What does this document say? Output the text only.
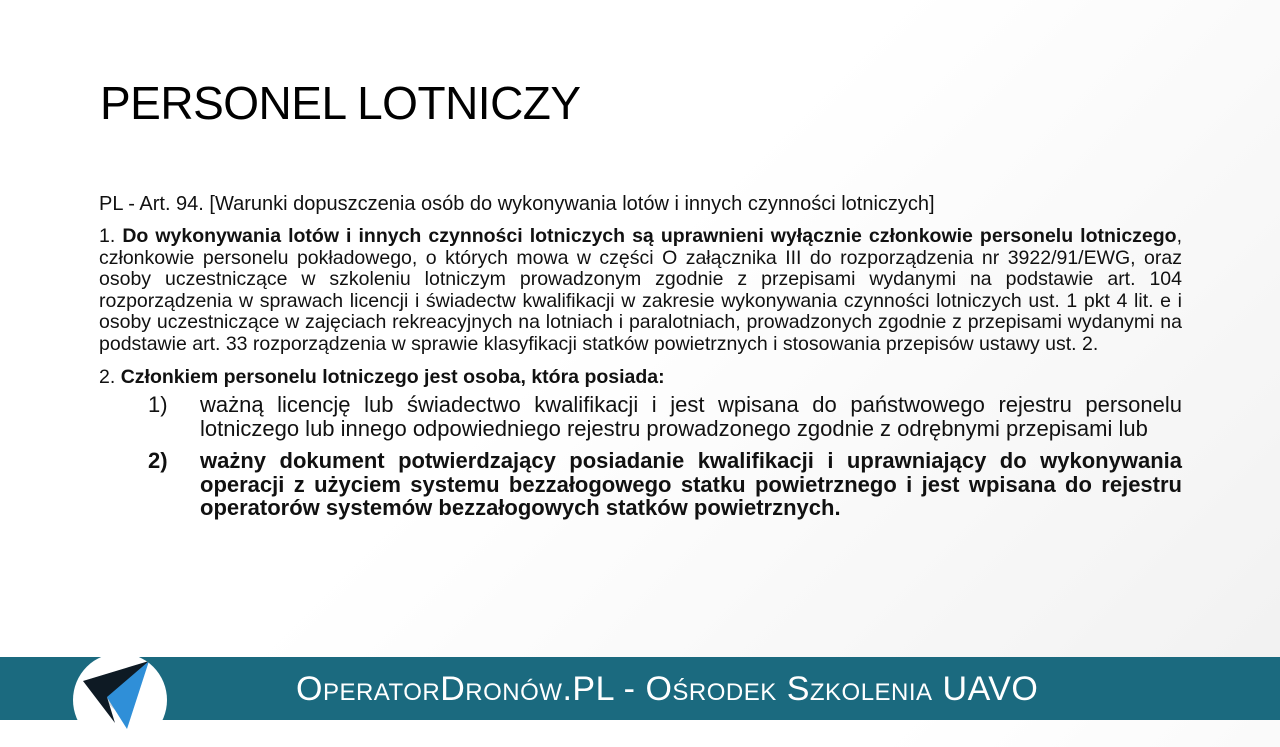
PERSONEL LOTNICZY

PL - Art. 94. [Warunki dopuszczenia osób do wykonywania lotów i innych czynności lotniczych]

1. Do wykonywania lotów i innych czynności lotniczych są uprawnieni wyłącznie członkowie personelu lotniczego, członkowie personelu pokładowego, o których mowa w części O załącznika III do rozporządzenia nr 3922/91/EWG, oraz osoby uczestniczące w szkoleniu lotniczym prowadzonym zgodnie z przepisami wydanymi na podstawie art. 104 rozporządzenia w sprawach licencji i świadectw kwalifikacji w zakresie wykonywania czynności lotniczych ust. 1 pkt 4 lit. e i osoby uczestniczące w zajęciach rekreacyjnych na lotniach i paralotniach, prowadzonych zgodnie z przepisami wydanymi na podstawie art. 33 rozporządzenia w sprawie klasyfikacji statków powietrznych i stosowania przepisów ustawy ust. 2.

2. Członkiem personelu lotniczego jest osoba, która posiada:

1)	ważną licencję lub świadectwo kwalifikacji i jest wpisana do państwowego rejestru personelu lotniczego lub innego odpowiedniego rejestru prowadzonego zgodnie z odrębnymi przepisami lub
2)	ważny dokument potwierdzający posiadanie kwalifikacji i uprawniający do wykonywania operacji z użyciem systemu bezzałogowego statku powietrznego i jest wpisana do rejestru operatorów systemów bezzałogowych statków powietrznych.
OperatorDronów.PL - Ośrodek Szkolenia UAVO
